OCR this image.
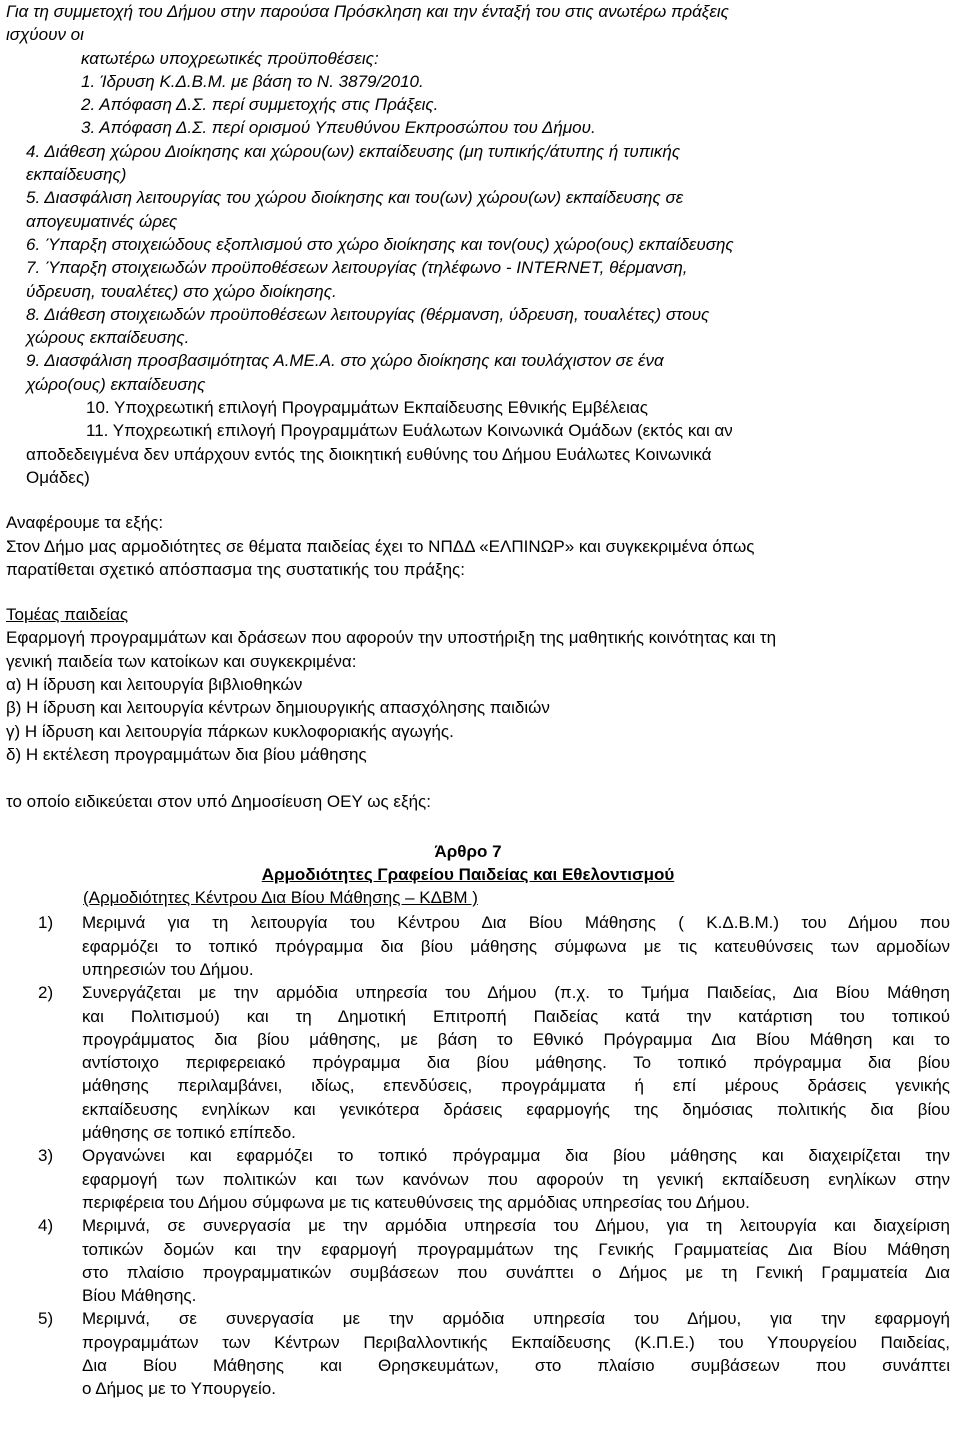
Για τη συμμετοχή του Δήμου στην παρούσα Πρόσκληση και την ένταξή του στις ανωτέρω πράξεις
ισχύουν οι
κατωτέρω υποχρεωτικές προϋποθέσεις:
1. Ίδρυση Κ.Δ.Β.Μ. με βάση το Ν. 3879/2010.
2. Απόφαση Δ.Σ. περί συμμετοχής στις Πράξεις.
3. Απόφαση Δ.Σ. περί ορισμού Υπευθύνου Εκπροσώπου του Δήμου.
4. Διάθεση χώρου Διοίκησης και χώρου(ων) εκπαίδευσης (μη τυπικής/άτυπης ή τυπικής
εκπαίδευσης)
5. Διασφάλιση λειτουργίας του χώρου διοίκησης και του(ων) χώρου(ων) εκπαίδευσης σε
απογευματινές ώρες
6. Ύπαρξη στοιχειώδους εξοπλισμού στο χώρο διοίκησης και τον(ους) χώρο(ους) εκπαίδευσης
7. Ύπαρξη στοιχειωδών προϋποθέσεων λειτουργίας (τηλέφωνο - INTERNET, θέρμανση,
ύδρευση, τουαλέτες) στο χώρο διοίκησης.
8. Διάθεση στοιχειωδών προϋποθέσεων λειτουργίας (θέρμανση, ύδρευση, τουαλέτες) στους
χώρους εκπαίδευσης.
9. Διασφάλιση προσβασιμότητας Α.ΜΕ.Α. στο χώρο διοίκησης και τουλάχιστον σε ένα
χώρο(ους) εκπαίδευσης
10. Υποχρεωτική επιλογή Προγραμμάτων Εκπαίδευσης Εθνικής Εμβέλειας
11. Υποχρεωτική επιλογή Προγραμμάτων Ευάλωτων Κοινωνικά Ομάδων (εκτός και αν
αποδεδειγμένα δεν υπάρχουν εντός της διοικητική ευθύνης του Δήμου Ευάλωτες Κοινωνικά
Ομάδες)
Αναφέρουμε τα εξής:
Στον Δήμο μας αρμοδιότητες σε θέματα παιδείας έχει το ΝΠΔΔ «ΕΛΠΙΝΩΡ» και συγκεκριμένα όπως
παρατίθεται σχετικό απόσπασμα της συστατικής του πράξης:
Τομέας παιδείας
Εφαρμογή προγραμμάτων και δράσεων που αφορούν την υποστήριξη της μαθητικής κοινότητας και τη
γενική παιδεία των κατοίκων και συγκεκριμένα:
α) Η ίδρυση και λειτουργία βιβλιοθηκών
β) Η ίδρυση και λειτουργία κέντρων δημιουργικής απασχόλησης παιδιών
γ) Η ίδρυση και λειτουργία πάρκων κυκλοφοριακής αγωγής.
δ) Η εκτέλεση προγραμμάτων δια βίου μάθησης
το οποίο ειδικεύεται στον υπό Δημοσίευση ΟΕΥ ως εξής:
Άρθρο 7
Αρμοδιότητες Γραφείου Παιδείας και Εθελοντισμού
(Αρμοδιότητες Κέντρου Δια Βίου Μάθησης – ΚΔΒΜ )
1)	Μεριμνά για τη λειτουργία του Κέντρου Δια Βίου Μάθησης ( Κ.Δ.Β.Μ.) του Δήμου που
εφαρμόζει το τοπικό πρόγραμμα δια βίου μάθησης σύμφωνα με τις κατευθύνσεις των αρμοδίων
υπηρεσιών του Δήμου.
2)	Συνεργάζεται με την αρμόδια υπηρεσία του Δήμου (π.χ. το Τμήμα Παιδείας, Δια Βίου Μάθηση
και Πολιτισμού) και τη Δημοτική Επιτροπή Παιδείας κατά την κατάρτιση του τοπικού
προγράμματος δια βίου μάθησης, με βάση το Εθνικό Πρόγραμμα Δια Βίου Μάθηση και το
αντίστοιχο περιφερειακό πρόγραμμα δια βίου μάθησης. Το τοπικό πρόγραμμα δια βίου
μάθησης περιλαμβάνει, ιδίως, επενδύσεις, προγράμματα ή επί μέρους δράσεις γενικής
εκπαίδευσης ενηλίκων και γενικότερα δράσεις εφαρμογής της δημόσιας πολιτικής δια βίου
μάθησης σε τοπικό επίπεδο.
3)	Οργανώνει και εφαρμόζει το τοπικό πρόγραμμα δια βίου μάθησης και διαχειρίζεται την
εφαρμογή των πολιτικών και των κανόνων που αφορούν τη γενική εκπαίδευση ενηλίκων στην
περιφέρεια του Δήμου σύμφωνα με τις κατευθύνσεις της αρμόδιας υπηρεσίας του Δήμου.
4)	Μεριμνά, σε συνεργασία με την αρμόδια υπηρεσία του Δήμου, για τη λειτουργία και διαχείριση
τοπικών δομών και την εφαρμογή προγραμμάτων της Γενικής Γραμματείας Δια Βίου Μάθηση
στο πλαίσιο προγραμματικών συμβάσεων που συνάπτει ο Δήμος με τη Γενική Γραμματεία Δια
Βίου Μάθησης.
5)	Μεριμνά, σε συνεργασία με την αρμόδια υπηρεσία του Δήμου, για την εφαρμογή
προγραμμάτων των Κέντρων Περιβαλλοντικής Εκπαίδευσης (Κ.Π.Ε.) του Υπουργείου Παιδείας,
Δια Βίου Μάθησης και Θρησκευμάτων, στο πλαίσιο συμβάσεων που συνάπτει
ο Δήμος με το Υπουργείο.
